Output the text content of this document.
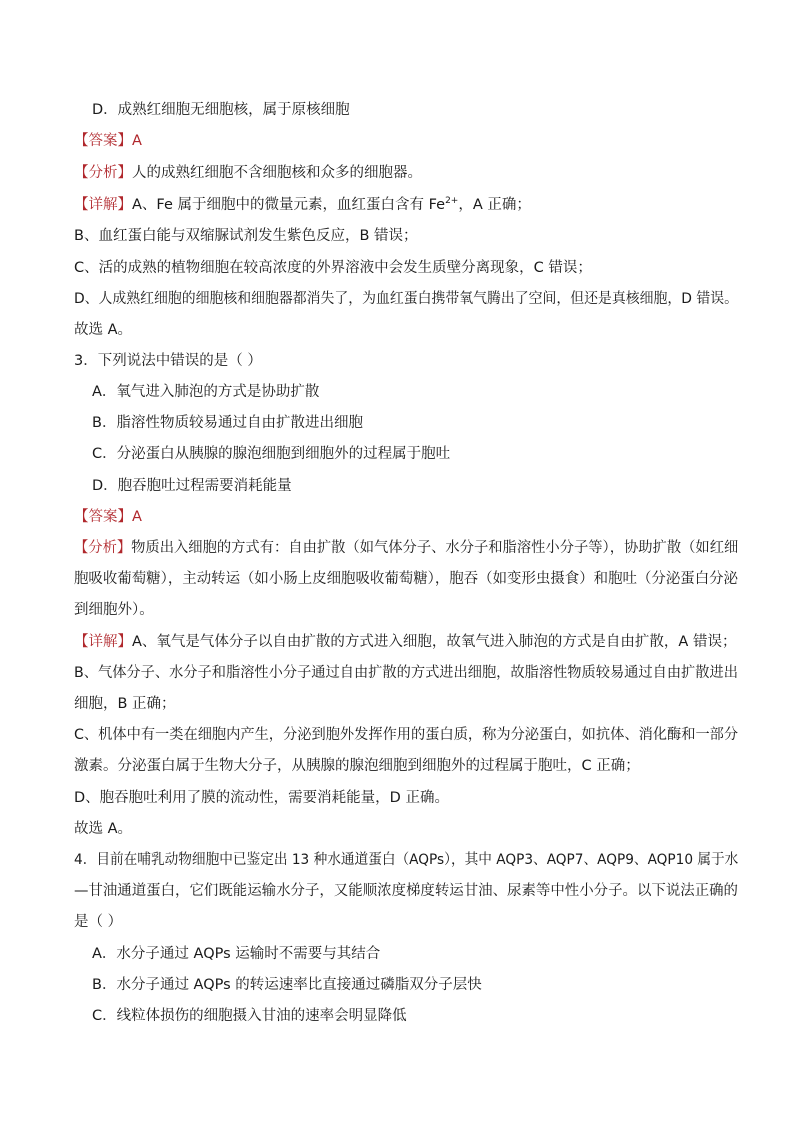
D．成熟红细胞无细胞核，属于原核细胞
【答案】A
【分析】人的成熟红细胞不含细胞核和众多的细胞器。
【详解】A、Fe 属于细胞中的微量元素，血红蛋白含有 $Fe^{2+}$，A 正确；
B、血红蛋白能与双缩脲试剂发生紫色反应，B 错误；
C、活的成熟的植物细胞在较高浓度的外界溶液中会发生质壁分离现象，C 错误；
D、人成熟红细胞的细胞核和细胞器都消失了，为血红蛋白携带氧气腾出了空间，但还是真核细胞，D 错误。
故选 A。
3．下列说法中错误的是（ ）
A．氧气进入肺泡的方式是协助扩散
B．脂溶性物质较易通过自由扩散进出细胞
C．分泌蛋白从胰腺的腺泡细胞到细胞外的过程属于胞吐
D．胞吞胞吐过程需要消耗能量
【答案】A
【分析】物质出入细胞的方式有：自由扩散（如气体分子、水分子和脂溶性小分子等），协助扩散（如红细
胞吸收葡萄糖），主动转运（如小肠上皮细胞吸收葡萄糖），胞吞（如变形虫摄食）和胞吐（分泌蛋白分泌
到细胞外）。
【详解】A、氧气是气体分子以自由扩散的方式进入细胞，故氧气进入肺泡的方式是自由扩散，A 错误；
B、气体分子、水分子和脂溶性小分子通过自由扩散的方式进出细胞，故脂溶性物质较易通过自由扩散进出
细胞，B 正确；
C、机体中有一类在细胞内产生，分泌到胞外发挥作用的蛋白质，称为分泌蛋白，如抗体、消化酶和一部分
激素。分泌蛋白属于生物大分子，从胰腺的腺泡细胞到细胞外的过程属于胞吐，C 正确；
D、胞吞胞吐利用了膜的流动性，需要消耗能量，D 正确。
故选 A。
4．目前在哺乳动物细胞中已鉴定出 13 种水通道蛋白（AQPs），其中 AQP3、AQP7、AQP9、AQP10 属于水
—甘油通道蛋白，它们既能运输水分子，又能顺浓度梯度转运甘油、尿素等中性小分子。以下说法正确的
是（ ）
A．水分子通过 AQPs 运输时不需要与其结合
B．水分子通过 AQPs 的转运速率比直接通过磷脂双分子层快
C．线粒体损伤的细胞摄入甘油的速率会明显降低
